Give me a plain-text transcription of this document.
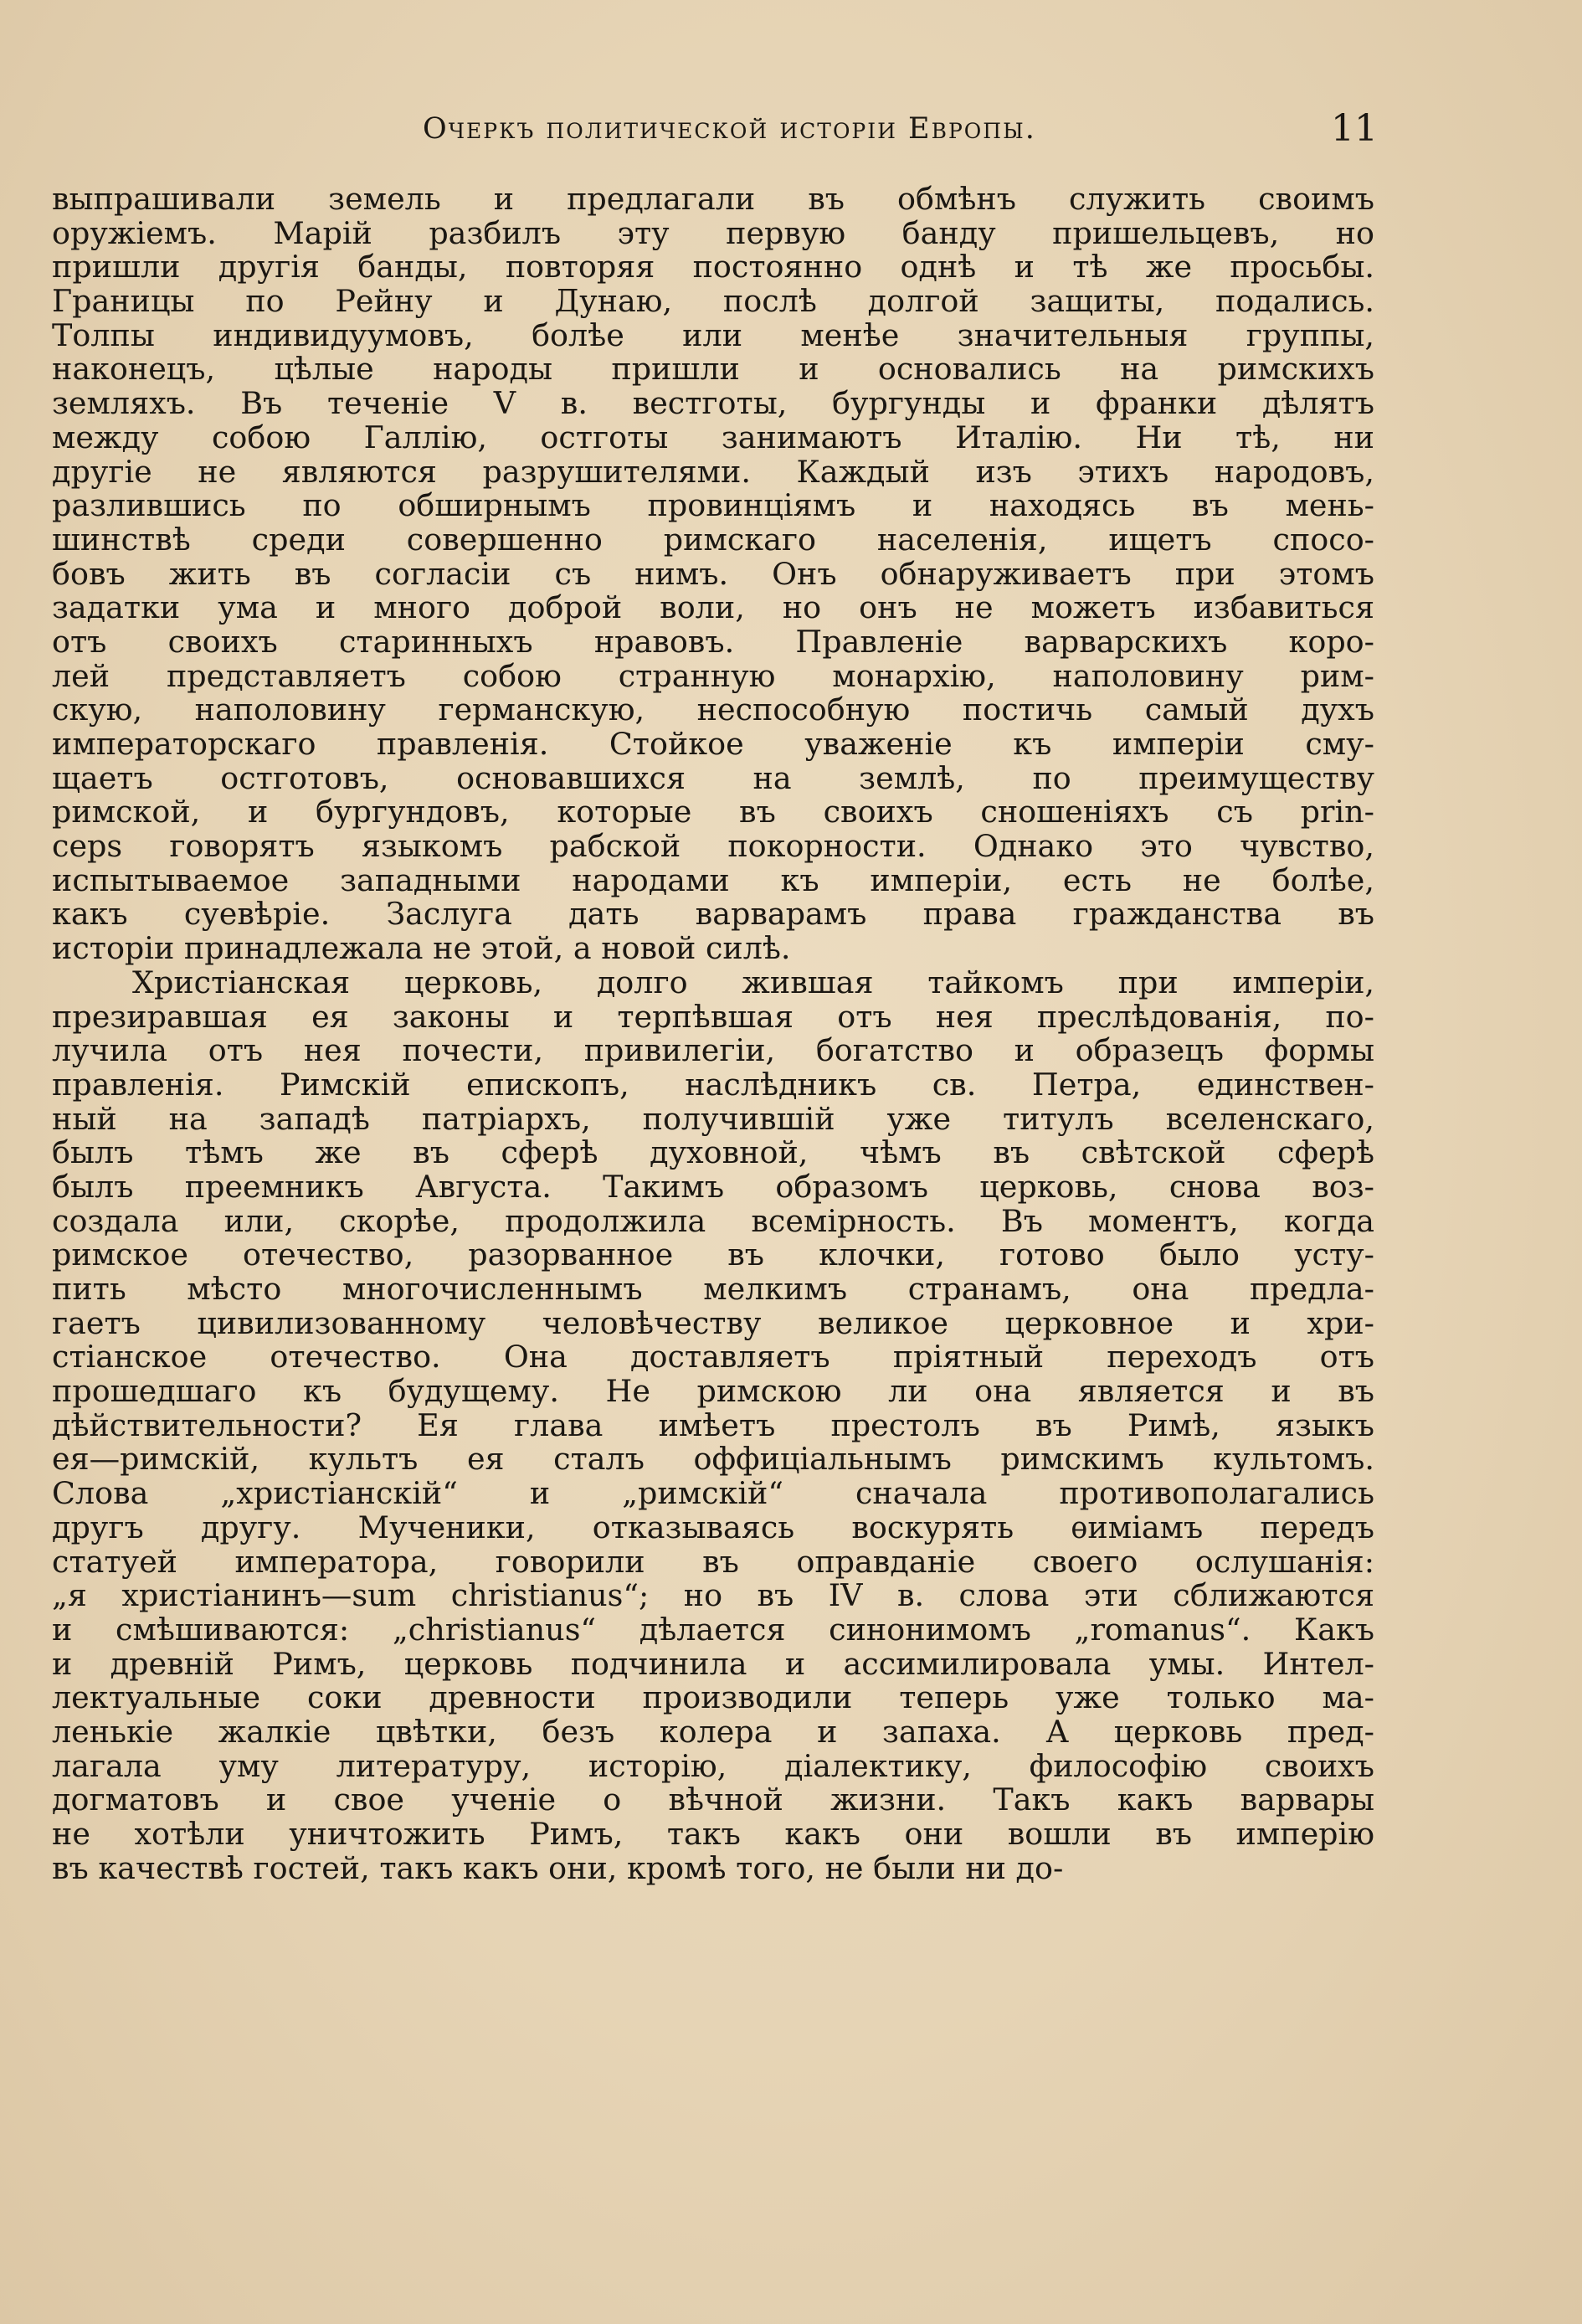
Очеркъ политической исторiи Европы.	11
выпрашивали земель и предлагали въ обмѣнъ служить своимъ
оружiемъ. Марiй разбилъ эту первую банду пришельцевъ, но
пришли другiя банды, повторяя постоянно однѣ и тѣ же просьбы.
Границы по Рейну и Дунаю, послѣ долгой защиты, подались.
Толпы индивидуумовъ, болѣе или менѣе значительныя группы,
наконецъ, цѣлые народы пришли и основались на римскихъ
земляхъ. Въ теченiе V в. вестготы, бургунды и франки дѣлятъ
между собою Галлiю, остготы занимаютъ Италiю. Ни тѣ, ни
другiе не являются разрушителями. Каждый изъ этихъ народовъ,
разлившись по обширнымъ провинцiямъ и находясь въ мень-
шинствѣ среди совершенно римскаго населенiя, ищетъ спосо-
бовъ жить въ согласiи съ нимъ. Онъ обнаруживаетъ при этомъ
задатки ума и много доброй воли, но онъ не можетъ избавиться
отъ своихъ старинныхъ нравовъ. Правленiе варварскихъ коро-
лей представляетъ собою странную монархiю, наполовину рим-
скую, наполовину германскую, неспособную постичь самый духъ
императорскаго правленiя. Стойкое уваженiе къ имперiи сму-
щаетъ остготовъ, основавшихся на землѣ, по преимуществу
римской, и бургундовъ, которые въ своихъ сношенiяхъ съ prin-
ceps говорятъ языкомъ рабской покорности. Однако это чувство,
испытываемое западными народами къ имперiи, есть не болѣе,
какъ суевѣрiе. Заслуга дать варварамъ права гражданства въ
исторiи принадлежала не этой, а новой силѣ.
Христiанская церковь, долго жившая тайкомъ при имперiи,
презиравшая ея законы и терпѣвшая отъ нея преслѣдованiя, по-
лучила отъ нея почести, привилегiи, богатство и образецъ формы
правленiя. Римскiй епископъ, наслѣдникъ св. Петра, единствен-
ный на западѣ патрiархъ, получившiй уже титулъ вселенскаго,
былъ тѣмъ же въ сферѣ духовной, чѣмъ въ свѣтской сферѣ
былъ преемникъ Августа. Такимъ образомъ церковь, снова воз-
создала или, скорѣе, продолжила всемiрность. Въ моментъ, когда
римское отечество, разорванное въ клочки, готово было усту-
пить мѣсто многочисленнымъ мелкимъ странамъ, она предла-
гаетъ цивилизованному человѣчеству великое церковное и хри-
стiанское отечество. Она доставляетъ прiятный переходъ отъ
прошедшаго къ будущему. Не римскою ли она является и въ
дѣйствительности? Ея глава имѣетъ престолъ въ Римѣ, языкъ
ея—римскiй, культъ ея сталъ оффицiальнымъ римскимъ культомъ.
Слова „христiанскiй“ и „римскiй“ сначала противополагались
другъ другу. Мученики, отказываясь воскурять ѳимiамъ передъ
статуей императора, говорили въ оправданiе своего ослушанiя:
„я христiанинъ—sum christianus“; но въ IV в. слова эти сближаются
и смѣшиваются: „christianus“ дѣлается синонимомъ „romanus“. Какъ
и древнiй Римъ, церковь подчинила и ассимилировала умы. Интел-
лектуальные соки древности производили теперь уже только ма-
ленькiе жалкiе цвѣтки, безъ колера и запаха. А церковь пред-
лагала уму литературу, исторiю, дiалектику, философiю своихъ
догматовъ и свое ученiе о вѣчной жизни. Такъ какъ варвары
не хотѣли уничтожить Римъ, такъ какъ они вошли въ имперiю
въ качествѣ гостей, такъ какъ они, кромѣ того, не были ни до-
